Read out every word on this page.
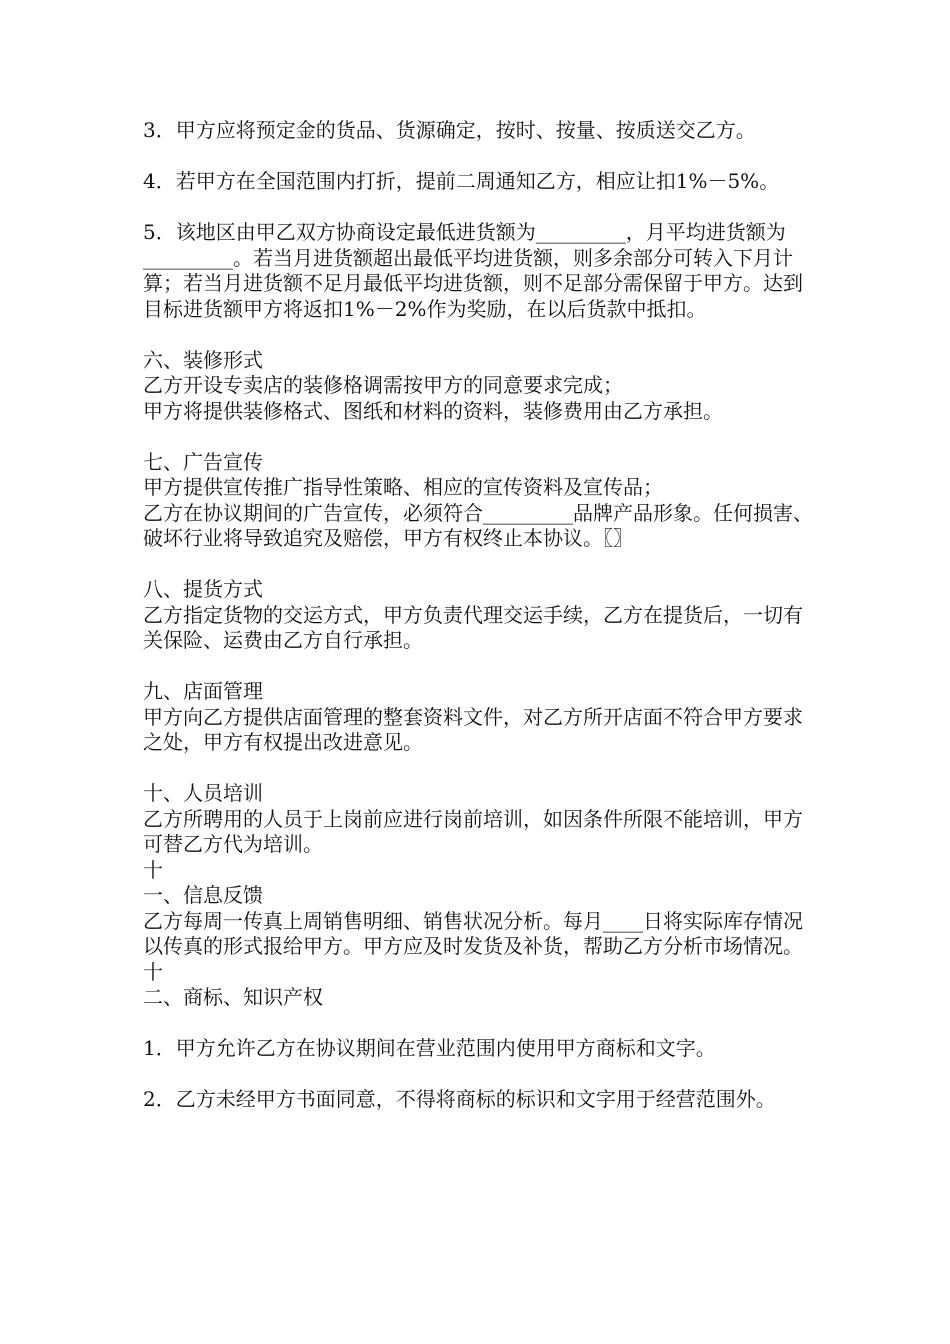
3．甲方应将预定金的货品、货源确定，按时、按量、按质送交乙方。

4．若甲方在全国范围内打折，提前二周通知乙方，相应让扣1%－5%。

5．该地区由甲乙双方协商设定最低进货额为_________，月平均进货额为_________。若当月进货额超出最低平均进货额，则多余部分可转入下月计算；若当月进货额不足月最低平均进货额，则不足部分需保留于甲方。达到目标进货额甲方将返扣1%－2%作为奖励，在以后货款中抵扣。

六、装修形式

乙方开设专卖店的装修格调需按甲方的同意要求完成；

甲方将提供装修格式、图纸和材料的资料，装修费用由乙方承担。

七、广告宣传

甲方提供宣传推广指导性策略、相应的宣传资料及宣传品；

乙方在协议期间的广告宣传，必须符合_________品牌产品形象。任何损害、破坏行业将导致追究及赔偿，甲方有权终止本协议。〖〗

八、提货方式

乙方指定货物的交运方式，甲方负责代理交运手续，乙方在提货后，一切有关保险、运费由乙方自行承担。

九、店面管理

甲方向乙方提供店面管理的整套资料文件，对乙方所开店面不符合甲方要求之处，甲方有权提出改进意见。

十、人员培训

乙方所聘用的人员于上岗前应进行岗前培训，如因条件所限不能培训，甲方可替乙方代为培训。

十

一、信息反馈

乙方每周一传真上周销售明细、销售状况分析。每月____日将实际库存情况以传真的形式报给甲方。甲方应及时发货及补货，帮助乙方分析市场情况。

十

二、商标、知识产权

1．甲方允许乙方在协议期间在营业范围内使用甲方商标和文字。

2．乙方未经甲方书面同意，不得将商标的标识和文字用于经营范围外。
